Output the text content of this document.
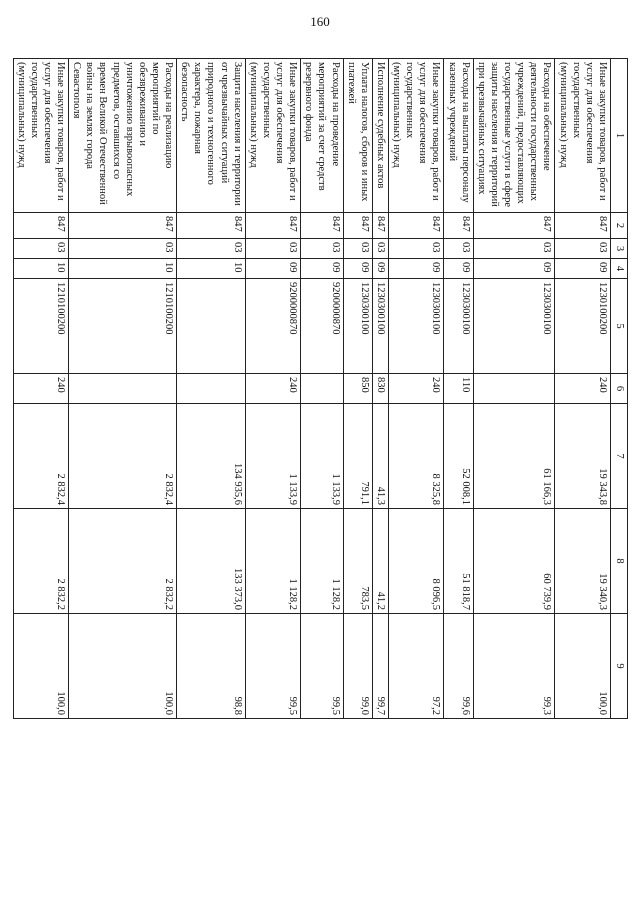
160
1	2	3	4	5	6	7	8	9
Иные закупки товаров, работ и услуг для обеспечения государственных (муниципальных) нужд	847	03	09	1230100200	240	19 343,8	19 340,3	100,0
Расходы на обеспечение деятельности государственных учреждений, предоставляющих государственные услуги в сфере защиты населения и территорий при чрезвычайных ситуациях	847	03	09	1230300100		61 166,3	60 739,9	99,3
Расходы на выплаты персоналу казенных учреждений	847	03	09	1230300100	110	52 008,1	51 818,7	99,6
Иные закупки товаров, работ и услуг для обеспечения государственных (муниципальных) нужд	847	03	09	1230300100	240	8 325,8	8 096,5	97,2
Исполнение судебных актов	847	03	09	1230300100	830	41,3	41,2	99,7
Уплата налогов, сборов и иных платежей	847	03	09	1230300100	850	791,1	783,5	99,0
Расходы на проведение мероприятий за счет средств резервного фонда	847	03	09	9200000870		1 133,9	1 128,2	99,5
Иные закупки товаров, работ и услуг для обеспечения государственных (муниципальных) нужд	847	03	09	9200000870	240	1 133,9	1 128,2	99,5
Защита населения и территории от чрезвычайных ситуаций природного и техногенного характера, пожарная безопасность	847	03	10			134 935,6	133 373,0	98,8
Расходы на реализацию мероприятий по обезвреживанию и уничтожению взрывоопасных предметов, оставшихся со времен Великой Отечественной войны на землях города Севастополя	847	03	10	1210100200		2 832,4	2 832,2	100,0
Иные закупки товаров, работ и услуг для обеспечения государственных (муниципальных) нужд	847	03	10	1210100200	240	2 832,4	2 832,2	100,0
